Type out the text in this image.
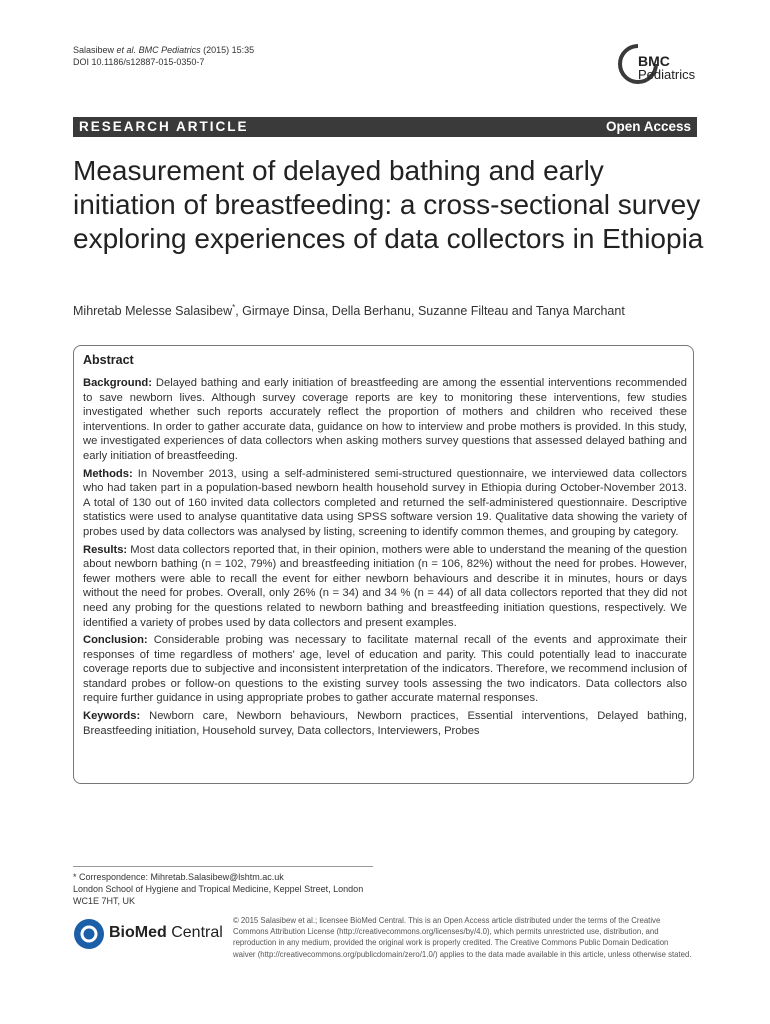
Salasibew et al. BMC Pediatrics (2015) 15:35
DOI 10.1186/s12887-015-0350-7	BMC
Pediatrics
RESEARCH ARTICLE	Open Access
Measurement of delayed bathing and early initiation of breastfeeding: a cross-sectional survey exploring experiences of data collectors in Ethiopia
Mihretab Melesse Salasibew*, Girmaye Dinsa, Della Berhanu, Suzanne Filteau and Tanya Marchant
Abstract

Background: Delayed bathing and early initiation of breastfeeding are among the essential interventions recommended to save newborn lives. Although survey coverage reports are key to monitoring these interventions, few studies investigated whether such reports accurately reflect the proportion of mothers and children who received these interventions. In order to gather accurate data, guidance on how to interview and probe mothers is provided. In this study, we investigated experiences of data collectors when asking mothers survey questions that assessed delayed bathing and early initiation of breastfeeding.

Methods: In November 2013, using a self-administered semi-structured questionnaire, we interviewed data collectors who had taken part in a population-based newborn health household survey in Ethiopia during October-November 2013. A total of 130 out of 160 invited data collectors completed and returned the self-administered questionnaire. Descriptive statistics were used to analyse quantitative data using SPSS software version 19. Qualitative data showing the variety of probes used by data collectors was analysed by listing, screening to identify common themes, and grouping by category.

Results: Most data collectors reported that, in their opinion, mothers were able to understand the meaning of the question about newborn bathing (n = 102, 79%) and breastfeeding initiation (n = 106, 82%) without the need for probes. However, fewer mothers were able to recall the event for either newborn behaviours and describe it in minutes, hours or days without the need for probes. Overall, only 26% (n = 34) and 34 % (n = 44) of all data collectors reported that they did not need any probing for the questions related to newborn bathing and breastfeeding initiation questions, respectively. We identified a variety of probes used by data collectors and present examples.

Conclusion: Considerable probing was necessary to facilitate maternal recall of the events and approximate their responses of time regardless of mothers' age, level of education and parity. This could potentially lead to inaccurate coverage reports due to subjective and inconsistent interpretation of the indicators. Therefore, we recommend inclusion of standard probes or follow-on questions to the existing survey tools assessing the two indicators. Data collectors also require further guidance in using appropriate probes to gather accurate maternal responses.

Keywords: Newborn care, Newborn behaviours, Newborn practices, Essential interventions, Delayed bathing, Breastfeeding initiation, Household survey, Data collectors, Interviewers, Probes

* Correspondence: Mihretab.Salasibew@lshtm.ac.uk
London School of Hygiene and Tropical Medicine, Keppel Street, London
WC1E 7HT, UK
BioMed Central
© 2015 Salasibew et al.; licensee BioMed Central. This is an Open Access article distributed under the terms of the Creative Commons Attribution License (http://creativecommons.org/licenses/by/4.0), which permits unrestricted use, distribution, and reproduction in any medium, provided the original work is properly credited. The Creative Commons Public Domain Dedication waiver (http://creativecommons.org/publicdomain/zero/1.0/) applies to the data made available in this article, unless otherwise stated.
